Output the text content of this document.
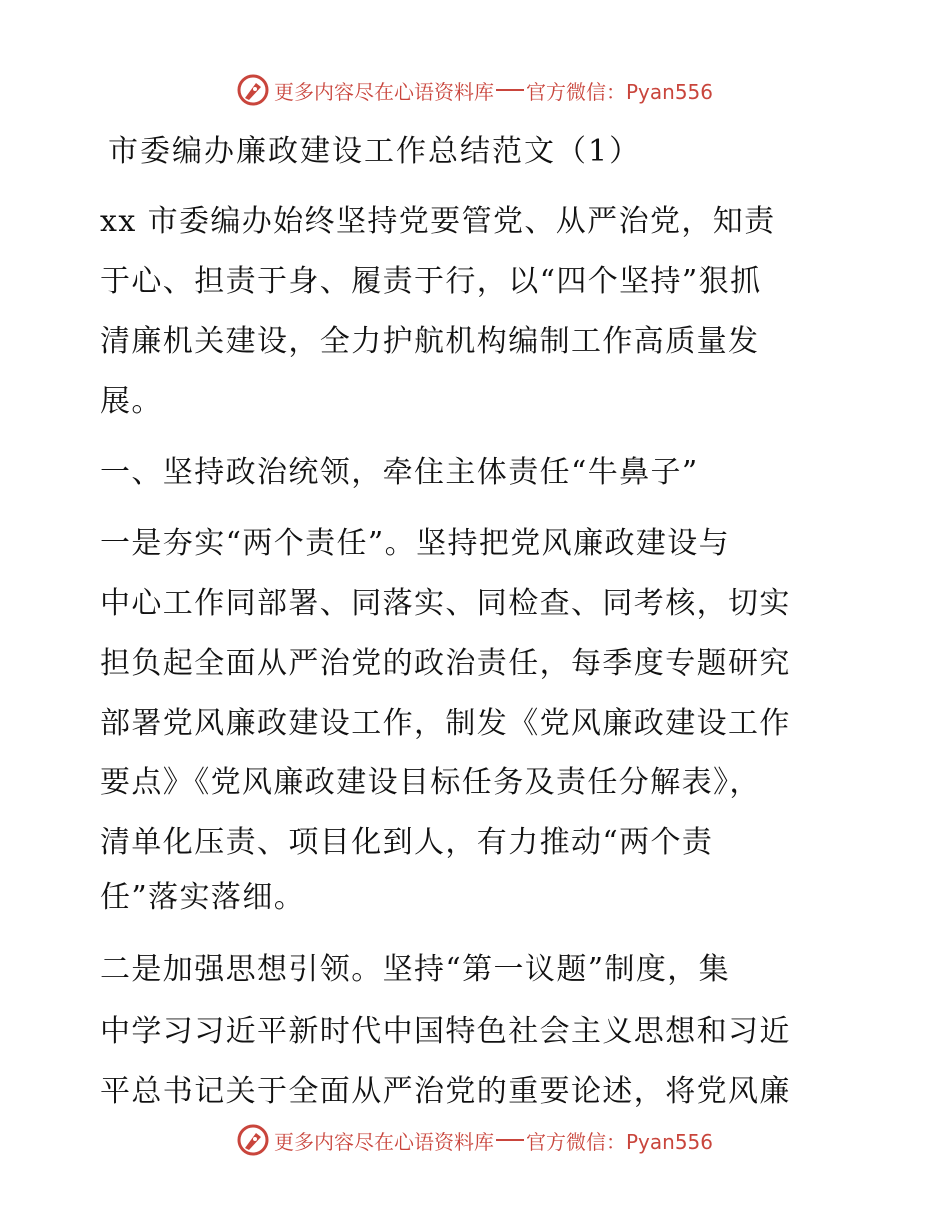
更多内容尽在心语资料库 官方微信：Pyan556
市委编办廉政建设工作总结范文（1）

xx 市委编办始终坚持党要管党、从严治党，知责

于心、担责于身、履责于行，以“四个坚持”狠抓

清廉机关建设，全力护航机构编制工作高质量发

展。

一、坚持政治统领，牵住主体责任“牛鼻子”

一是夯实“两个责任”。坚持把党风廉政建设与

中心工作同部署、同落实、同检查、同考核，切实

担负起全面从严治党的政治责任，每季度专题研究

部署党风廉政建设工作，制发《党风廉政建设工作

要点》《党风廉政建设目标任务及责任分解表》，

清单化压责、项目化到人，有力推动“两个责

任”落实落细。

二是加强思想引领。坚持“第一议题”制度，集

中学习习近平新时代中国特色社会主义思想和习近

平总书记关于全面从严治党的重要论述，将党风廉

更多内容尽在心语资料库 官方微信：Pyan556
